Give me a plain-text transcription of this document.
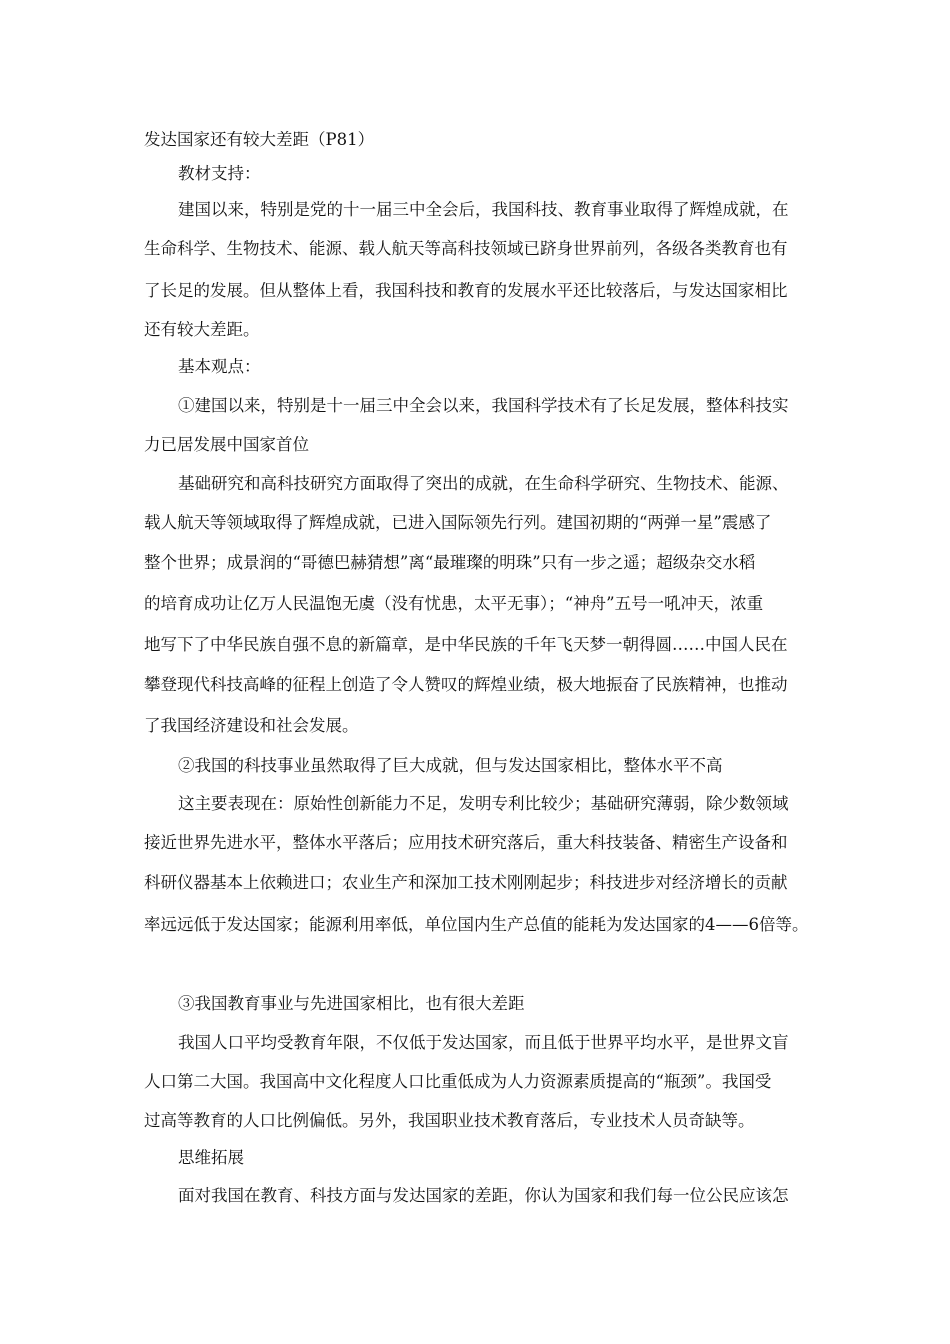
发达国家还有较大差距（P81）
教材支持：
建国以来，特别是党的十一届三中全会后，我国科技、教育事业取得了辉煌成就，在
生命科学、生物技术、能源、载人航天等高科技领域已跻身世界前列，各级各类教育也有
了长足的发展。但从整体上看，我国科技和教育的发展水平还比较落后，与发达国家相比
还有较大差距。
基本观点：
①建国以来，特别是十一届三中全会以来，我国科学技术有了长足发展，整体科技实
力已居发展中国家首位
基础研究和高科技研究方面取得了突出的成就，在生命科学研究、生物技术、能源、
载人航天等领域取得了辉煌成就，已进入国际领先行列。建国初期的“两弹一星”震感了
整个世界；成景润的“哥德巴赫猜想”离“最璀璨的明珠”只有一步之遥；超级杂交水稻
的培育成功让亿万人民温饱无虞（没有忧患，太平无事）；“神舟”五号一吼冲天，浓重
地写下了中华民族自强不息的新篇章，是中华民族的千年飞天梦一朝得圆……中国人民在
攀登现代科技高峰的征程上创造了令人赞叹的辉煌业绩，极大地振奋了民族精神，也推动
了我国经济建设和社会发展。
②我国的科技事业虽然取得了巨大成就，但与发达国家相比，整体水平不高
这主要表现在：原始性创新能力不足，发明专利比较少；基础研究薄弱，除少数领域
接近世界先进水平，整体水平落后；应用技术研究落后，重大科技装备、精密生产设备和
科研仪器基本上依赖进口；农业生产和深加工技术刚刚起步；科技进步对经济增长的贡献
率远远低于发达国家；能源利用率低，单位国内生产总值的能耗为发达国家的4——6倍等。
③我国教育事业与先进国家相比，也有很大差距
我国人口平均受教育年限，不仅低于发达国家，而且低于世界平均水平，是世界文盲
人口第二大国。我国高中文化程度人口比重低成为人力资源素质提高的“瓶颈”。我国受
过高等教育的人口比例偏低。另外，我国职业技术教育落后，专业技术人员奇缺等。
思维拓展
面对我国在教育、科技方面与发达国家的差距，你认为国家和我们每一位公民应该怎
